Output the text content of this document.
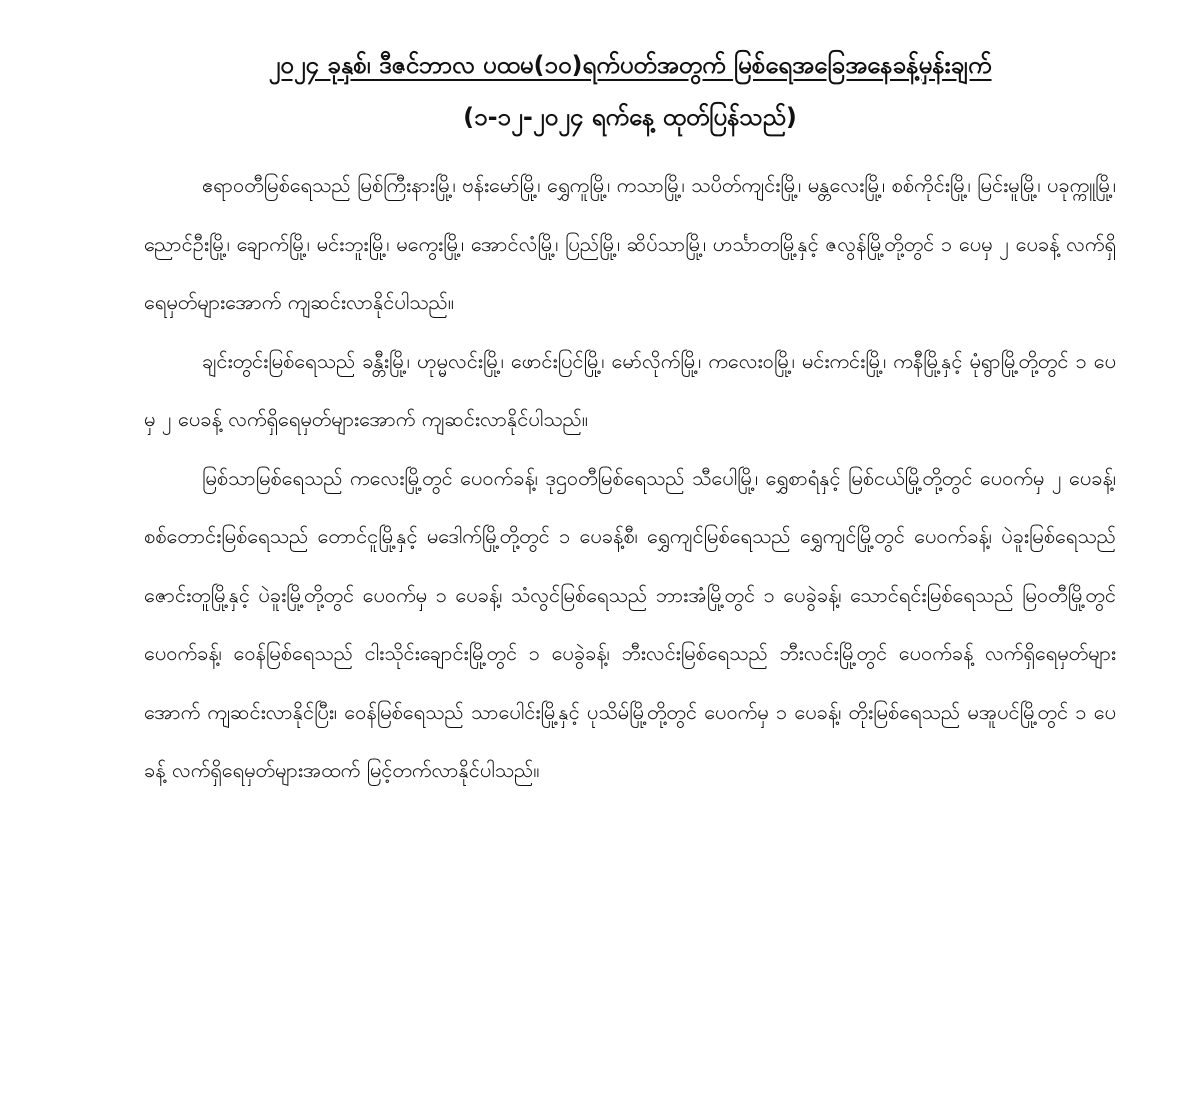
၂၀၂၄ ခုနှစ်၊ ဒီဇင်ဘာလ ပထမ(၁၀)ရက်ပတ်အတွက် မြစ်ရေအခြေအနေခန့်မှန်းချက်
(၁-၁၂-၂၀၂၄ ရက်နေ့ ထုတ်ပြန်သည်)

ဧရာဝတီမြစ်ရေသည် မြစ်ကြီးနားမြို့၊ ဗန်းမော်မြို့၊ ရွှေကူမြို့၊ ကသာမြို့၊ သပိတ်ကျင်းမြို့၊ မန္တလေးမြို့၊ စစ်ကိုင်းမြို့၊ မြင်းမူမြို့၊ ပခုက္ကူမြို့၊ ညောင်ဦးမြို့၊ ချောက်မြို့၊ မင်းဘူးမြို့၊ မကွေးမြို့၊ အောင်လံမြို့၊ ပြည်မြို့၊ ဆိပ်သာမြို့၊ ဟင်္သာတမြို့နှင့် ဇလွန်မြို့တို့တွင် ၁ ပေမှ ၂ ပေခန့် လက်ရှိရေမှတ်များအောက် ကျဆင်းလာနိုင်ပါသည်။

ချင်းတွင်းမြစ်ရေသည် ခန္တီးမြို့၊ ဟုမ္မလင်းမြို့၊ ဖောင်းပြင်မြို့၊ မော်လိုက်မြို့၊ ကလေးဝမြို့၊ မင်းကင်းမြို့၊ ကနီမြို့နှင့် မုံရွာမြို့တို့တွင် ၁ ပေမှ ၂ ပေခန့် လက်ရှိရေမှတ်များအောက် ကျဆင်းလာနိုင်ပါသည်။

မြစ်သာမြစ်ရေသည် ကလေးမြို့တွင် ပေဝက်ခန့်၊ ဒုဌဝတီမြစ်ရေသည် သီပေါမြို့၊ ရွှေစာရံနှင့် မြစ်ငယ်မြို့တို့တွင် ပေဝက်မှ ၂ ပေခန့်၊ စစ်တောင်းမြစ်ရေသည် တောင်ငူမြို့နှင့် မဒေါက်မြို့တို့တွင် ၁ ပေခန့်စီ၊ ရွှေကျင်မြစ်ရေသည် ရွှေကျင်မြို့တွင် ပေဝက်ခန့်၊ ပဲခူးမြစ်ရေသည် ဇောင်းတူမြို့နှင့် ပဲခူးမြို့တို့တွင် ပေဝက်မှ ၁ ပေခန့်၊ သံလွင်မြစ်ရေသည် ဘားအံမြို့တွင် ၁ ပေခွဲခန့်၊ သောင်ရင်းမြစ်ရေသည် မြဝတီမြို့တွင် ပေဝက်ခန့်၊ ဝေန်မြစ်ရေသည် ငါးသိုင်းချောင်းမြို့တွင် ၁ ပေခွဲခန့်၊ ဘီးလင်းမြစ်ရေသည် ဘီးလင်းမြို့တွင် ပေဝက်ခန့် လက်ရှိရေမှတ်များအောက် ကျဆင်းလာနိုင်ပြီး၊ ဝေန်မြစ်ရေသည် သာပေါင်းမြို့နှင့် ပုသိမ်မြို့တို့တွင် ပေဝက်မှ ၁ ပေခန့်၊ တိုးမြစ်ရေသည် မအူပင်မြို့တွင် ၁ ပေခန့် လက်ရှိရေမှတ်များအထက် မြင့်တက်လာနိုင်ပါသည်။
